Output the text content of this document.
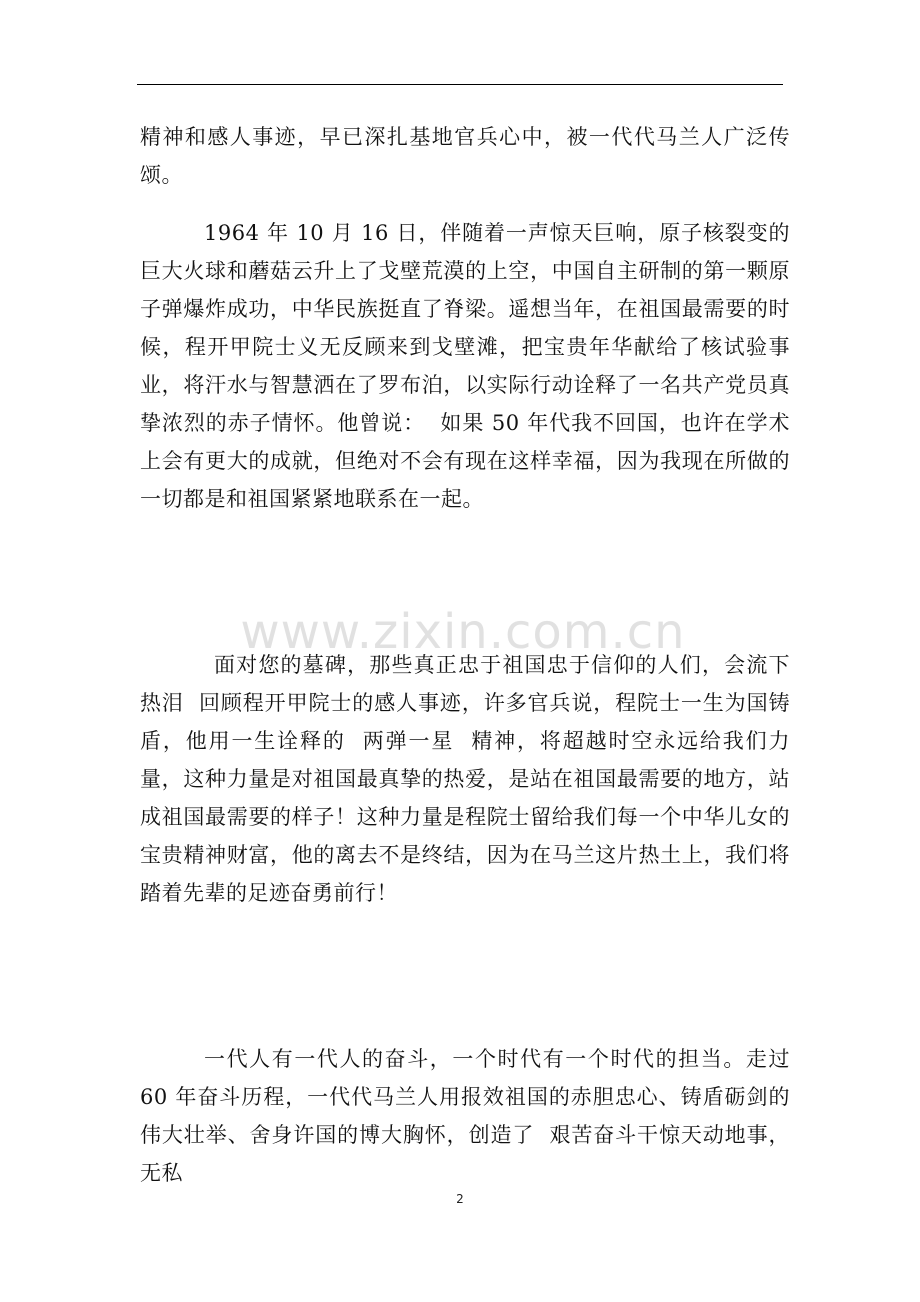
精神和感人事迹，早已深扎基地官兵心中，被一代代马兰人广泛传颂。
1964 年 10 月 16 日，伴随着一声惊天巨响，原子核裂变的巨大火球和蘑菇云升上了戈壁荒漠的上空，中国自主研制的第一颗原子弹爆炸成功，中华民族挺直了脊梁。遥想当年，在祖国最需要的时候，程开甲院士义无反顾来到戈壁滩，把宝贵年华献给了核试验事业，将汗水与智慧洒在了罗布泊，以实际行动诠释了一名共产党员真挚浓烈的赤子情怀。他曾说：  如果 50 年代我不回国，也许在学术上会有更大的成就，但绝对不会有现在这样幸福，因为我现在所做的一切都是和祖国紧紧地联系在一起。
www.zixin.com.cn
面对您的墓碑，那些真正忠于祖国忠于信仰的人们，会流下热泪  回顾程开甲院士的感人事迹，许多官兵说，程院士一生为国铸盾，他用一生诠释的  两弹一星  精神，将超越时空永远给我们力量，这种力量是对祖国最真挚的热爱，是站在祖国最需要的地方，站成祖国最需要的样子！这种力量是程院士留给我们每一个中华儿女的宝贵精神财富，他的离去不是终结，因为在马兰这片热土上，我们将踏着先辈的足迹奋勇前行！
一代人有一代人的奋斗，一个时代有一个时代的担当。走过 60 年奋斗历程，一代代马兰人用报效祖国的赤胆忠心、铸盾砺剑的伟大壮举、舍身许国的博大胸怀，创造了  艰苦奋斗干惊天动地事，无私
2
